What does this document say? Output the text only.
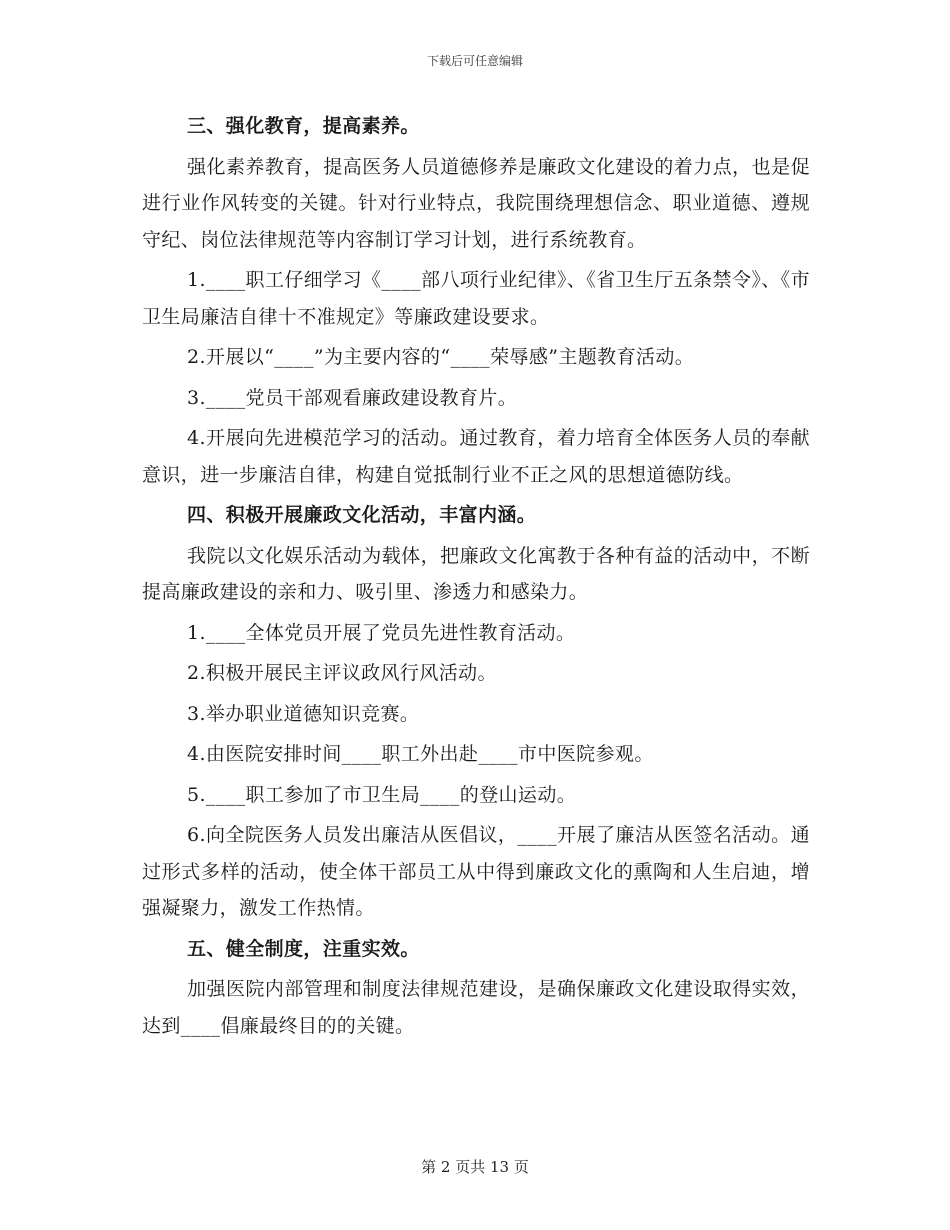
下载后可任意编辑

三、强化教育，提高素养。

强化素养教育，提高医务人员道德修养是廉政文化建设的着力点，也是促进行业作风转变的关键。针对行业特点，我院围绕理想信念、职业道德、遵规守纪、岗位法律规范等内容制订学习计划，进行系统教育。

1.____职工仔细学习《____部八项行业纪律》、《省卫生厅五条禁令》、《市卫生局廉洁自律十不准规定》等廉政建设要求。

2.开展以“____”为主要内容的“____荣辱感”主题教育活动。

3.____党员干部观看廉政建设教育片。

4.开展向先进模范学习的活动。通过教育，着力培育全体医务人员的奉献意识，进一步廉洁自律，构建自觉抵制行业不正之风的思想道德防线。

四、积极开展廉政文化活动，丰富内涵。

我院以文化娱乐活动为载体，把廉政文化寓教于各种有益的活动中，不断提高廉政建设的亲和力、吸引里、渗透力和感染力。

1.____全体党员开展了党员先进性教育活动。

2.积极开展民主评议政风行风活动。

3.举办职业道德知识竞赛。

4.由医院安排时间____职工外出赴____市中医院参观。

5.____职工参加了市卫生局____的登山运动。

6.向全院医务人员发出廉洁从医倡议，____开展了廉洁从医签名活动。通过形式多样的活动，使全体干部员工从中得到廉政文化的熏陶和人生启迪，增强凝聚力，激发工作热情。

五、健全制度，注重实效。

加强医院内部管理和制度法律规范建设，是确保廉政文化建设取得实效，达到____倡廉最终目的的关键。

第 2 页共 13 页
